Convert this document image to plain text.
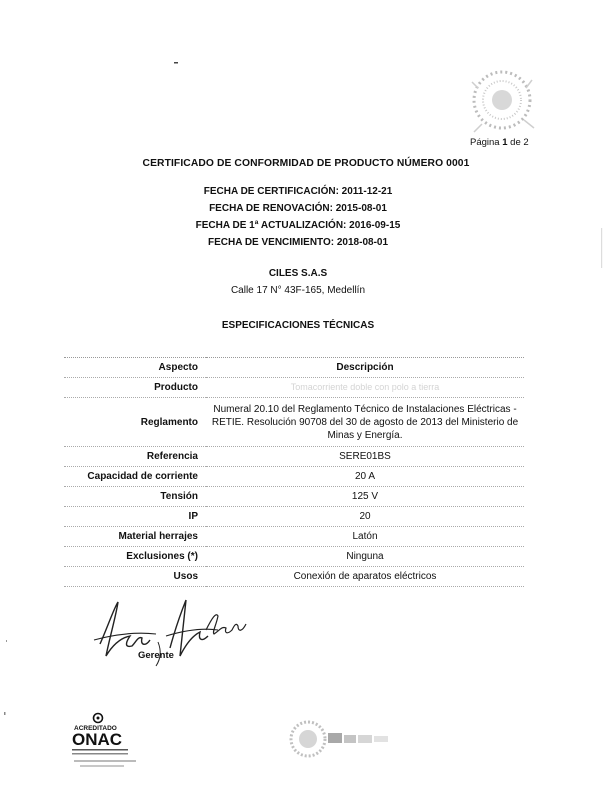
Página 1 de 2
CERTIFICADO DE CONFORMIDAD DE PRODUCTO NÚMERO 0001
FECHA DE CERTIFICACIÓN: 2011-12-21
FECHA DE RENOVACIÓN: 2015-08-01
FECHA DE 1ª ACTUALIZACIÓN: 2016-09-15
FECHA DE VENCIMIENTO: 2018-08-01
CILES S.A.S
Calle 17 N° 43F-165, Medellín
ESPECIFICACIONES TÉCNICAS
Aspecto	Descripción
Producto	Tomacorriente doble con polo a tierra
Reglamento	Numeral 20.10 del Reglamento Técnico de Instalaciones Eléctricas - RETIE. Resolución 90708 del 30 de agosto de 2013 del Ministerio de Minas y Energía.
Referencia	SERE01BS
Capacidad de corriente	20 A
Tensión	125 V
IP	20
Material herrajes	Latón
Exclusiones (*)	Ninguna
Usos	Conexión de aparatos eléctricos
Gerente
ACREDITADO
ONAC
